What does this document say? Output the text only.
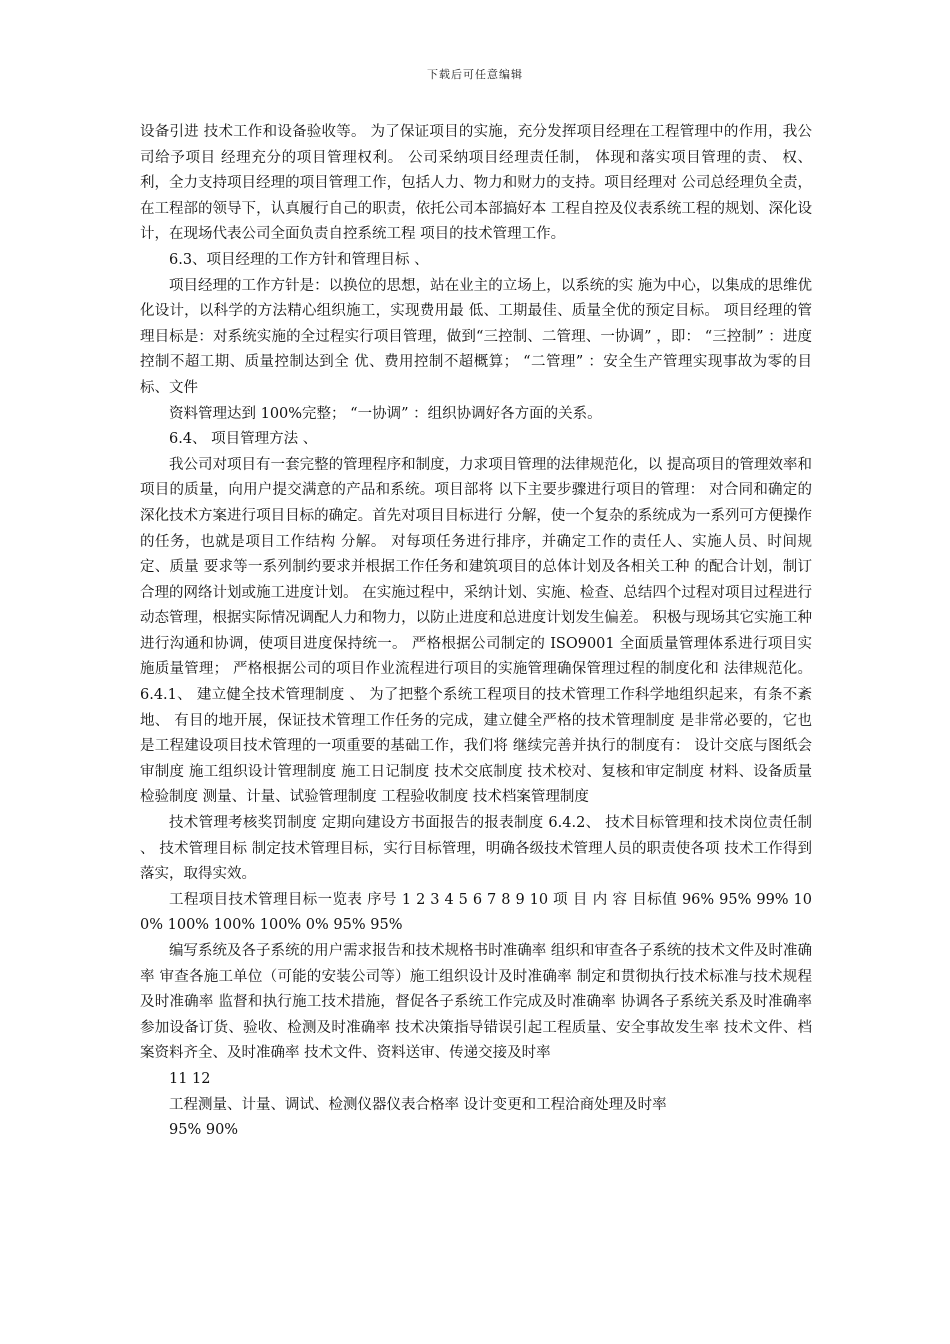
下载后可任意编辑

设备引进 技术工作和设备验收等。 为了保证项目的实施，充分发挥项目经理在工程管理中的作用，我公司给予项目 经理充分的项目管理权利。 公司采纳项目经理责任制， 体现和落实项目管理的责、 权、 利，全力支持项目经理的项目管理工作，包括人力、物力和财力的支持。项目经理对 公司总经理负全责，在工程部的领导下，认真履行自己的职责，依托公司本部搞好本 工程自控及仪表系统工程的规划、深化设计，在现场代表公司全面负责自控系统工程 项目的技术管理工作。

6.3、项目经理的工作方针和管理目标 、

项目经理的工作方针是：以换位的思想，站在业主的立场上，以系统的实 施为中心，以集成的思维优化设计，以科学的方法精心组织施工，实现费用最 低、工期最佳、质量全优的预定目标。 项目经理的管理目标是：对系统实施的全过程实行项目管理，做到“三控制、二管理、一协调” ，即： “三控制” ：进度控制不超工期、质量控制达到全 优、费用控制不超概算； “二管理” ：安全生产管理实现事故为零的目标、文件

资料管理达到 100%完整； “一协调” ：组织协调好各方面的关系。

6.4、 项目管理方法 、

我公司对项目有一套完整的管理程序和制度，力求项目管理的法律规范化，以 提高项目的管理效率和项目的质量，向用户提交满意的产品和系统。项目部将 以下主要步骤进行项目的管理： 对合同和确定的深化技术方案进行项目目标的确定。首先对项目目标进行 分解，使一个复杂的系统成为一系列可方便操作的任务，也就是项目工作结构 分解。 对每项任务进行排序，并确定工作的责任人、实施人员、时间规定、质量 要求等一系列制约要求并根据工作任务和建筑项目的总体计划及各相关工种 的配合计划，制订合理的网络计划或施工进度计划。 在实施过程中，采纳计划、实施、检查、总结四个过程对项目过程进行动态管理，根据实际情况调配人力和物力，以防止进度和总进度计划发生偏差。 积极与现场其它实施工种进行沟通和协调，使项目进度保持统一。 严格根据公司制定的 ISO9001 全面质量管理体系进行项目实施质量管理； 严格根据公司的项目作业流程进行项目的实施管理确保管理过程的制度化和 法律规范化。 6.4.1、 建立健全技术管理制度 、 为了把整个系统工程项目的技术管理工作科学地组织起来，有条不紊地、 有目的地开展，保证技术管理工作任务的完成，建立健全严格的技术管理制度 是非常必要的，它也是工程建设项目技术管理的一项重要的基础工作，我们将 继续完善并执行的制度有： 设计交底与图纸会审制度 施工组织设计管理制度 施工日记制度 技术交底制度 技术校对、复核和审定制度 材料、设备质量检验制度 测量、计量、试验管理制度 工程验收制度 技术档案管理制度

技术管理考核奖罚制度 定期向建设方书面报告的报表制度 6.4.2、 技术目标管理和技术岗位责任制 、 技术管理目标 制定技术管理目标，实行目标管理，明确各级技术管理人员的职责使各项 技术工作得到落实，取得实效。

工程项目技术管理目标一览表 序号 1 2 3 4 5 6 7 8 9 10 项 目 内 容 目标值 96% 95% 99% 100% 100% 100% 100% 0% 95% 95%

编写系统及各子系统的用户需求报告和技术规格书时准确率 组织和审查各子系统的技术文件及时准确率 审查各施工单位（可能的安装公司等）施工组织设计及时准确率 制定和贯彻执行技术标准与技术规程及时准确率 监督和执行施工技术措施，督促各子系统工作完成及时准确率 协调各子系统关系及时准确率 参加设备订货、验收、检测及时准确率 技术决策指导错误引起工程质量、安全事故发生率 技术文件、档案资料齐全、及时准确率 技术文件、资料送审、传递交接及时率

11 12

工程测量、计量、调试、检测仪器仪表合格率 设计变更和工程洽商处理及时率

95% 90%
